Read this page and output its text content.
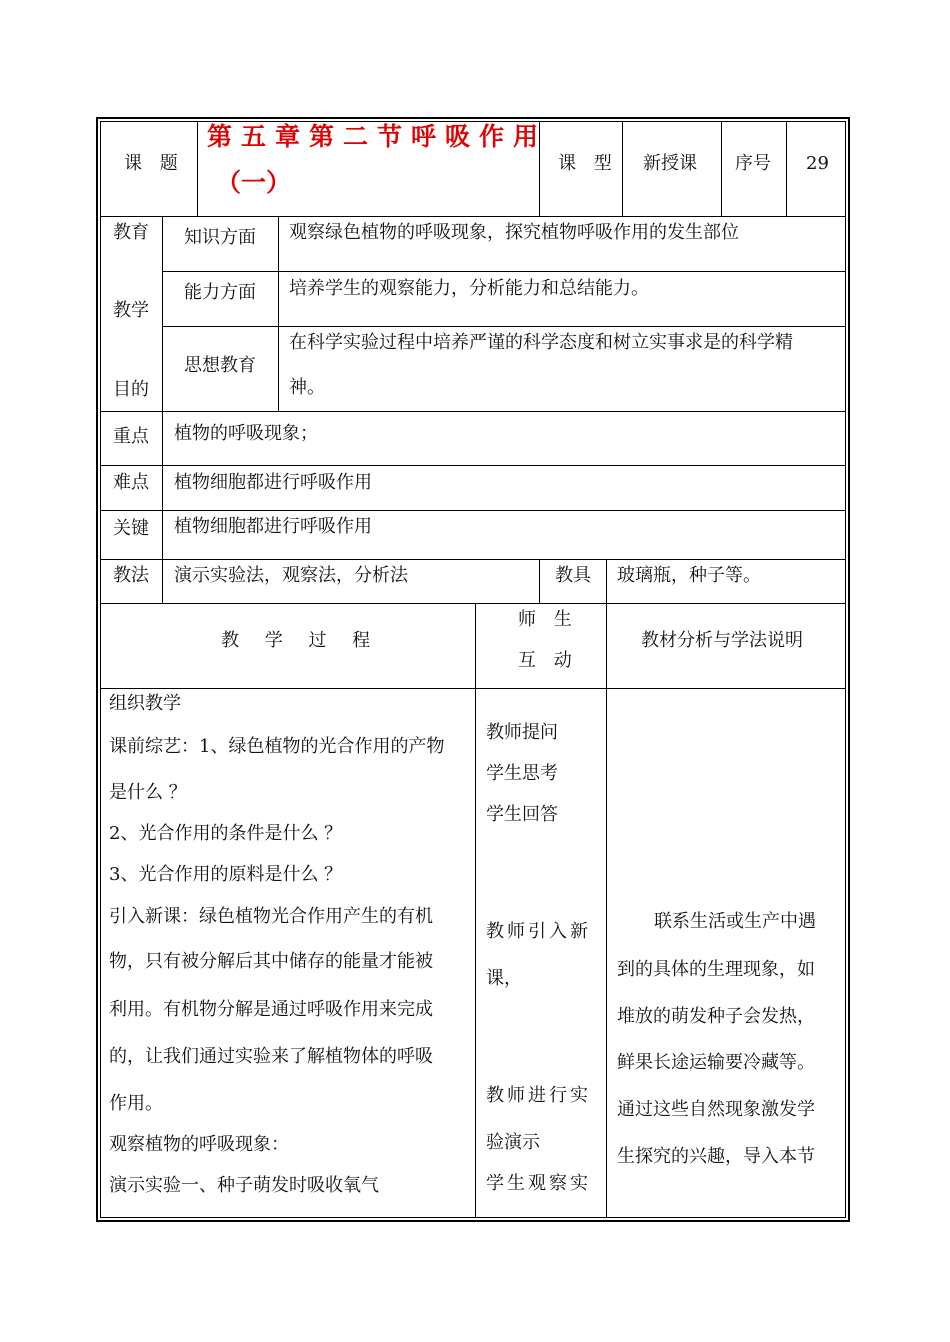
课 题
第五章第二节呼吸作用
（一）
课 型 新授课 序号 29
教育
教学
目的
知识方面 观察绿色植物的呼吸现象，探究植物呼吸作用的发生部位
能力方面 培养学生的观察能力，分析能力和总结能力。
思想教育
在科学实验过程中培养严谨的科学态度和树立实事求是的科学精
神。
重点 植物的呼吸现象；
难点 植物细胞都进行呼吸作用
关键 植物细胞都进行呼吸作用
教法 演示实验法，观察法，分析法	教具 玻璃瓶，种子等。
教 学 过 程
师 生
互 动
教材分析与学法说明
组织教学
课前综艺：1、绿色植物的光合作用的产物
是什么 ？
2、光合作用的条件是什么 ？
3、光合作用的原料是什么 ？
引入新课：绿色植物光合作用产生的有机
物，只有被分解后其中储存的能量才能被
利用。有机物分解是通过呼吸作用来完成
的，让我们通过实验来了解植物体的呼吸
作用。
观察植物的呼吸现象：
演示实验一、种子萌发时吸收氧气
教师提问
学生思考
学生回答
教师引入新
课，
教师进行实
验演示
学生观察实
联系生活或生产中遇
到的具体的生理现象，如
堆放的萌发种子会发热，
鲜果长途运输要冷藏等。
通过这些自然现象激发学
生探究的兴趣，导入本节
